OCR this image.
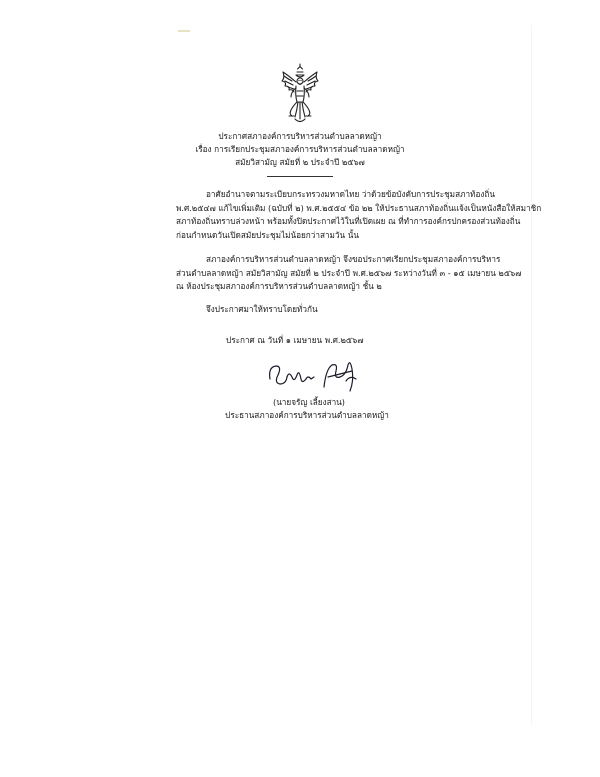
ประกาศสภาองค์การบริหารส่วนตำบลลาดหญ้า
เรื่อง การเรียกประชุมสภาองค์การบริหารส่วนตำบลลาดหญ้า
สมัยวิสามัญ สมัยที่ ๒ ประจำปี ๒๕๖๗
อาศัยอำนาจตามระเบียบกระทรวงมหาดไทย ว่าด้วยข้อบังคับการประชุมสภาท้องถิ่น
พ.ศ.๒๕๔๗ แก้ไขเพิ่มเติม (ฉบับที่ ๒) พ.ศ.๒๕๕๔ ข้อ ๒๒ ให้ประธานสภาท้องถิ่นแจ้งเป็นหนังสือให้สมาชิก
สภาท้องถิ่นทราบล่วงหน้า พร้อมทั้งปิดประกาศไว้ในที่เปิดเผย ณ ที่ทำการองค์กรปกครองส่วนท้องถิ่น
ก่อนกำหนดวันเปิดสมัยประชุมไม่น้อยกว่าสามวัน นั้น
สภาองค์การบริหารส่วนตำบลลาดหญ้า จึงขอประกาศเรียกประชุมสภาองค์การบริหาร
ส่วนตำบลลาดหญ้า สมัยวิสามัญ สมัยที่ ๒ ประจำปี พ.ศ.๒๕๖๗ ระหว่างวันที่ ๓ - ๑๕ เมษายน ๒๕๖๗
ณ ห้องประชุมสภาองค์การบริหารส่วนตำบลลาดหญ้า ชั้น ๒
จึงประกาศมาให้ทราบโดยทั่วกัน
ประกาศ ณ วันที่ ๑ เมษายน พ.ศ.๒๕๖๗
(นายจรัญ เลี้ยงสาน)
ประธานสภาองค์การบริหารส่วนตำบลลาดหญ้า
